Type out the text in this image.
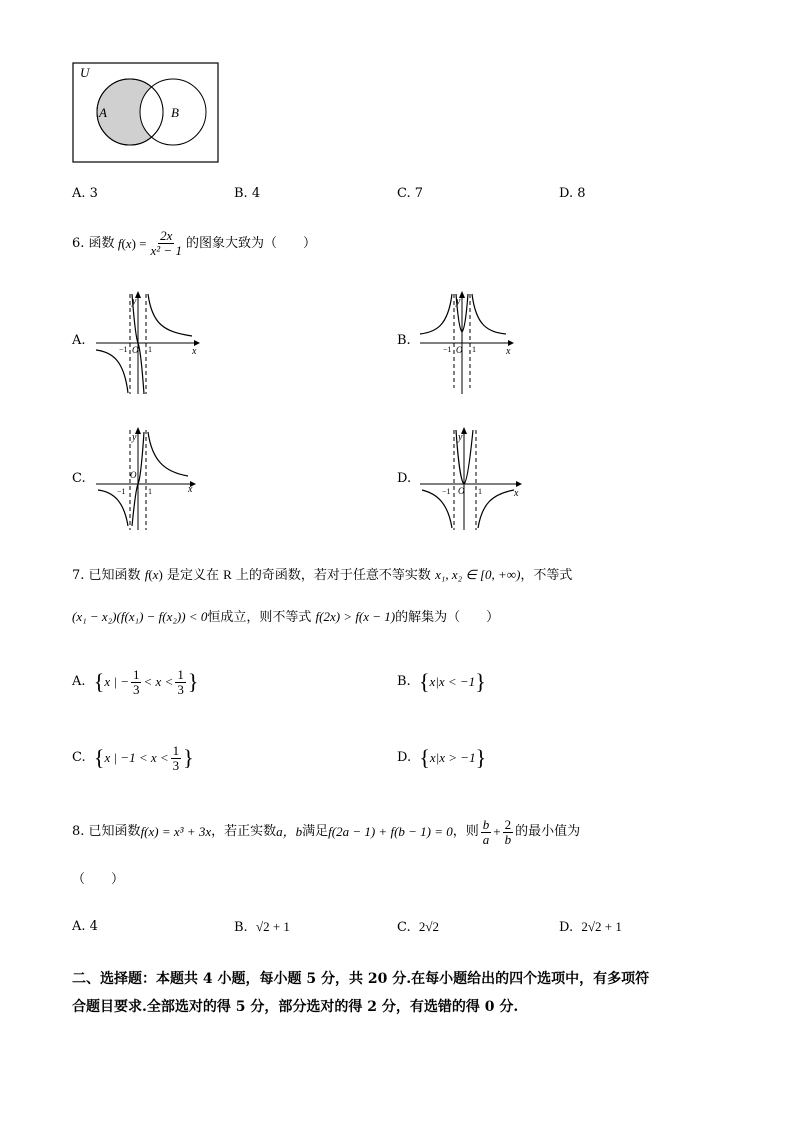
U
A	B
A. 3	B. 4	C. 7	D. 8
6.
函数 $f(x) = \frac{2x}{\text{x² − 1}}$ 的图象大致为（　　）
A.	B.
C.	D.
y
x
O
−1	1
y
x
O
−1	1
y
x
O
−1	1
y
x
O
−1	1
7. 已知函数 f(x) 是定义在 R 上的奇函数，若对于任意不等实数 x₁, x₂ ∈ [0, +∞)，不等式
(x₁ − x₂)(f(x₁) − f(x₂)) < 0恒成立，则不等式 f(2x) > f(x − 1)的解集为（　　）
A.
{ x | − $\frac{1}{3} < x < \frac{1}{3}$ }	B.
{ x|x < −1 }
C.
{ x | $-1 < x < \frac{1}{3}$ }	D.
{ x|x > −1 }
8.
已知函数 f(x) = x³ + 3x ，若正实数 a，b 满足 f(2a − 1) + f(b − 1) = 0 ，则 $\frac{b}{a} + \frac{2}{b}$ 的最小值为
（　　）
A. 4	B. √2 + 1	C. 2√2	D. 2√2 + 1
二、选择题：本题共 4 小题，每小题 5 分，共 20 分.在每小题给出的四个选项中，有多项符
合题目要求.全部选对的得 5 分，部分选对的得 2 分，有选错的得 0 分.
